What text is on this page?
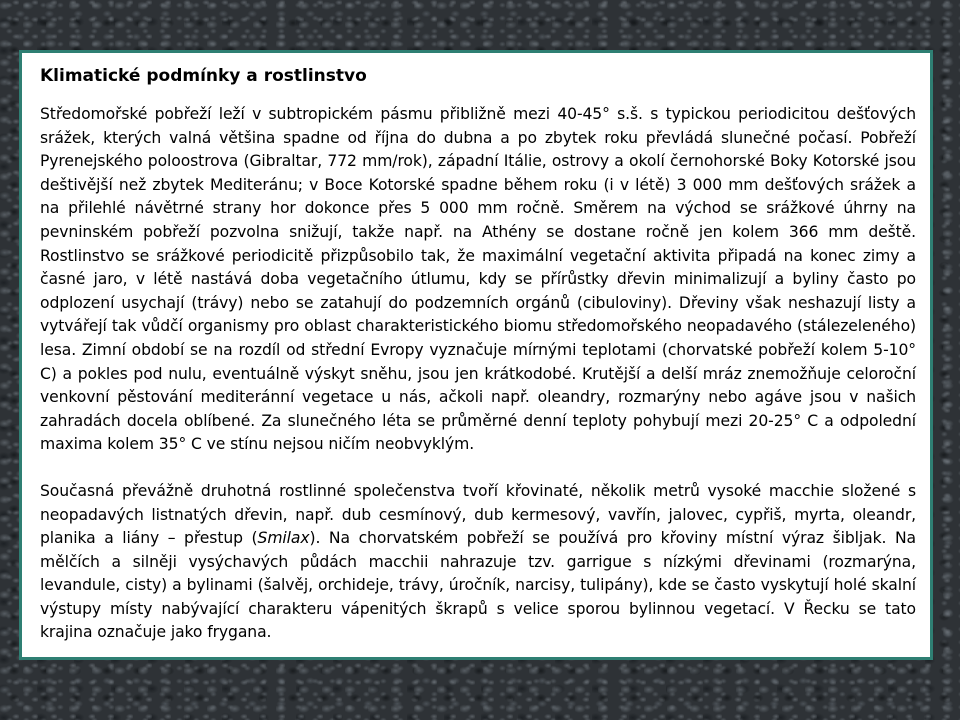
Klimatické podmínky a rostlinstvo

Středomořské pobřeží leží v subtropickém pásmu přibližně mezi 40-45° s.š. s typickou periodicitou dešťových srážek, kterých valná většina spadne od října do dubna a po zbytek roku převládá slunečné počasí. Pobřeží Pyrenejského poloostrova (Gibraltar, 772 mm/rok), západní Itálie, ostrovy a okolí černohorské Boky Kotorské jsou deštivější než zbytek Mediteránu; v Boce Kotorské spadne během roku (i v létě) 3 000 mm dešťových srážek a na přilehlé návětrné strany hor dokonce přes 5 000 mm ročně. Směrem na východ se srážkové úhrny na pevninském pobřeží pozvolna snižují, takže např. na Athény se dostane ročně jen kolem 366 mm deště. Rostlinstvo se srážkové periodicitě přizpůsobilo tak, že maximální vegetační aktivita připadá na konec zimy a časné jaro, v létě nastává doba vegetačního útlumu, kdy se přírůstky dřevin minimalizují a byliny často po odplození usychají (trávy) nebo se zatahují do podzemních orgánů (cibuloviny). Dřeviny však neshazují listy a vytvářejí tak vůdčí organismy pro oblast charakteristického biomu středomořského neopadavého (stálezeleného) lesa. Zimní období se na rozdíl od střední Evropy vyznačuje mírnými teplotami (chorvatské pobřeží kolem 5-10° C) a pokles pod nulu, eventuálně výskyt sněhu, jsou jen krátkodobé. Krutější a delší mráz znemožňuje celoroční venkovní pěstování mediteránní vegetace u nás, ačkoli např. oleandry, rozmarýny nebo agáve jsou v našich zahradách docela oblíbené. Za slunečného léta se průměrné denní teploty pohybují mezi 20-25° C a odpolední maxima kolem 35° C ve stínu nejsou ničím neobvyklým.

Současná převážně druhotná rostlinné společenstva tvoří křovinaté, několik metrů vysoké macchie složené s neopadavých listnatých dřevin, např. dub cesmínový, dub kermesový, vavřín, jalovec, cypřiš, myrta, oleandr, planika a liány – přestup (Smilax). Na chorvatském pobřeží se používá pro křoviny místní výraz šibljak. Na mělčích a silněji vysýchavých půdách macchii nahrazuje tzv. garrigue s nízkými dřevinami (rozmarýna, levandule, cisty) a bylinami (šalvěj, orchideje, trávy, úročník, narcisy, tulipány), kde se často vyskytují holé skalní výstupy místy nabývající charakteru vápenitých škrapů s velice sporou bylinnou vegetací. V Řecku se tato krajina označuje jako frygana.
